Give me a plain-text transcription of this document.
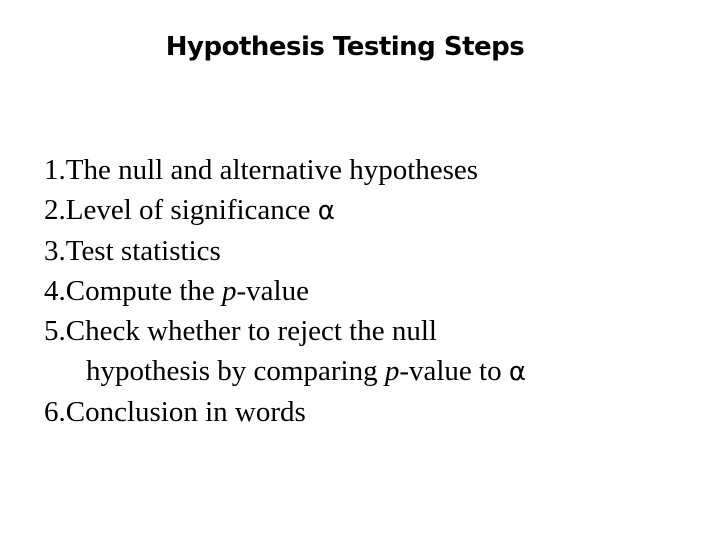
Hypothesis Testing Steps
1.The null and alternative hypotheses
2.Level of significance α
3.Test statistics
4.Compute the p-value
5.Check whether to reject the null
hypothesis by comparing p-value to α
6.Conclusion in words
